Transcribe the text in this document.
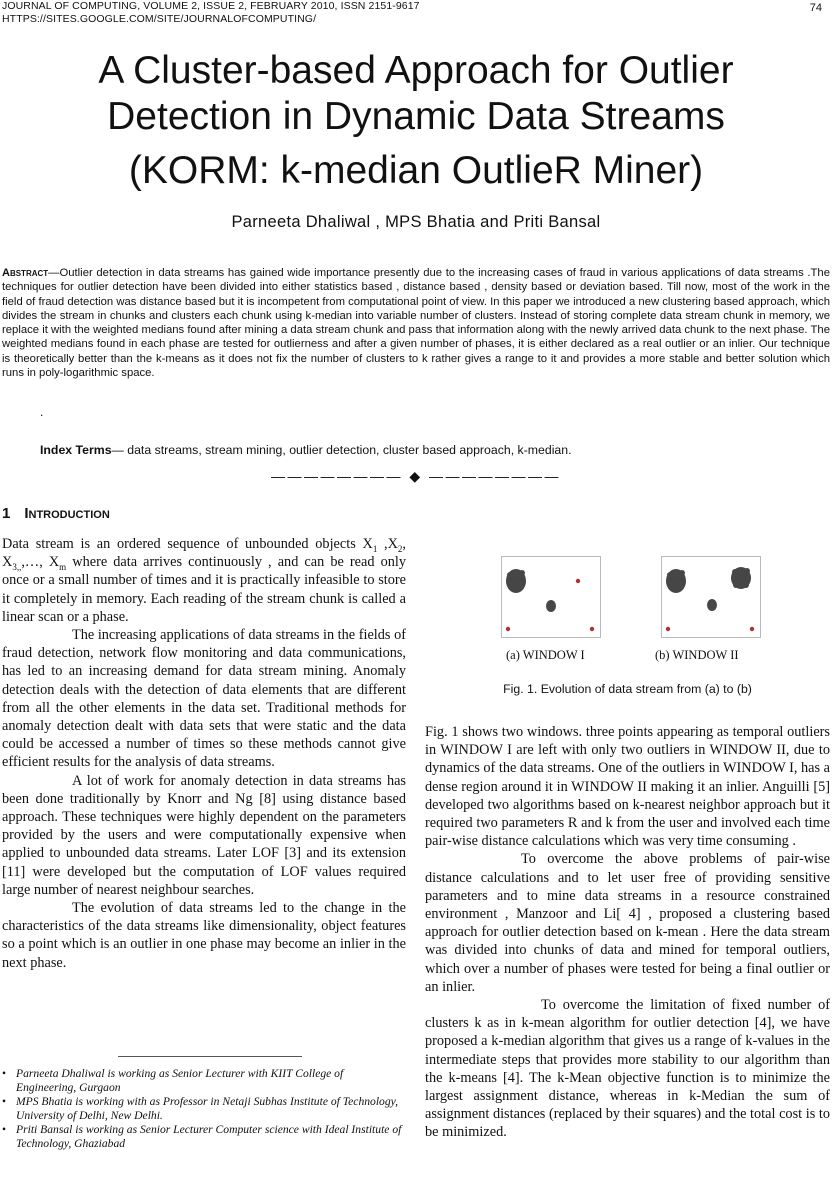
JOURNAL OF COMPUTING, VOLUME 2, ISSUE 2, FEBRUARY 2010, ISSN 2151-9617
HTTPS://SITES.GOOGLE.COM/SITE/JOURNALOFCOMPUTING/
74
A Cluster-based Approach for Outlier
Detection in Dynamic Data Streams
(KORM: k-median OutlieR Miner)
Parneeta Dhaliwal , MPS Bhatia and Priti Bansal

Abstract—Outlier detection in data streams has gained wide importance presently due to the increasing cases of fraud in various applications of data streams .The techniques for outlier detection have been divided into either statistics based , distance based , density based or deviation based. Till now, most of the work in the field of fraud detection was distance based but it is incompetent from computational point of view. In this paper we introduced a new clustering based approach, which divides the stream in chunks and clusters each chunk using k-median into variable number of clusters. Instead of storing complete data stream chunk in memory, we replace it with the weighted medians found after mining a data stream chunk and pass that information along with the newly arrived data chunk to the next phase. The weighted medians found in each phase are tested for outlierness and after a given number of phases, it is either declared as a real outlier or an inlier. Our technique is theoretically better than the k-means as it does not fix the number of clusters to k rather gives a range to it and provides a more stable and better solution which runs in poly-logarithmic space.

.
Index Terms— data streams, stream mining, outlier detection, cluster based approach, k-median.
———————— ◆ ————————
1 Introduction

Data stream is an ordered sequence of unbounded objects $X_1$ $,X_2$, $X_{3,,},\dots$, $X_m$ where data arrives continuously , and can be read only once or a small number of times and it is practically infeasible to store it completely in memory. Each reading of the stream chunk is called a linear scan or a phase.

The increasing applications of data streams in the fields of fraud detection, network flow monitoring and data communications, has led to an increasing demand for data stream mining. Anomaly detection deals with the detection of data elements that are different from all the other elements in the data set. Traditional methods for anomaly detection dealt with data sets that were static and the data could be accessed a number of times so these methods cannot give efficient results for the analysis of data streams.

A lot of work for anomaly detection in data streams has been done traditionally by Knorr and Ng [8] using distance based approach. These techniques were highly dependent on the parameters provided by the users and were computationally expensive when applied to unbounded data streams. Later LOF [3] and its extension [11] were developed but the computation of LOF values required large number of nearest neighbour searches.

The evolution of data streams led to the change in the characteristics of the data streams like dimensionality, object features so a point which is an outlier in one phase may become an inlier in the next phase.

• Parneeta Dhaliwal is working as Senior Lecturer with KIIT College of Engineering, Gurgaon
• MPS Bhatia is working with as Professor in Netaji Subhas Institute of Technology, University of Delhi, New Delhi.
• Priti Bansal is working as Senior Lecturer Computer science with Ideal Institute of Technology, Ghaziabad
(a) WINDOW I	(b) WINDOW II
Fig. 1. Evolution of data stream from (a) to (b)

Fig. 1 shows two windows. three points appearing as temporal outliers in WINDOW I are left with only two outliers in WINDOW II, due to dynamics of the data streams. One of the outliers in WINDOW I, has a dense region around it in WINDOW II making it an inlier. Anguilli [5] developed two algorithms based on k-nearest neighbor approach but it required two parameters R and k from the user and involved each time pair-wise distance calculations which was very time consuming .

To overcome the above problems of pair-wise distance calculations and to let user free of providing sensitive parameters and to mine data streams in a resource constrained environment , Manzoor and Li[ 4] , proposed a clustering based approach for outlier detection based on k-mean . Here the data stream was divided into chunks of data and mined for temporal outliers, which over a number of phases were tested for being a final outlier or an inlier.

To overcome the limitation of fixed number of clusters k as in k-mean algorithm for outlier detection [4], we have proposed a k-median algorithm that gives us a range of k-values in the intermediate steps that provides more stability to our algorithm than the k-means [4]. The k-Mean objective function is to minimize the largest assignment distance, whereas in k-Median the sum of assignment distances (replaced by their squares) and the total cost is to be minimized.
